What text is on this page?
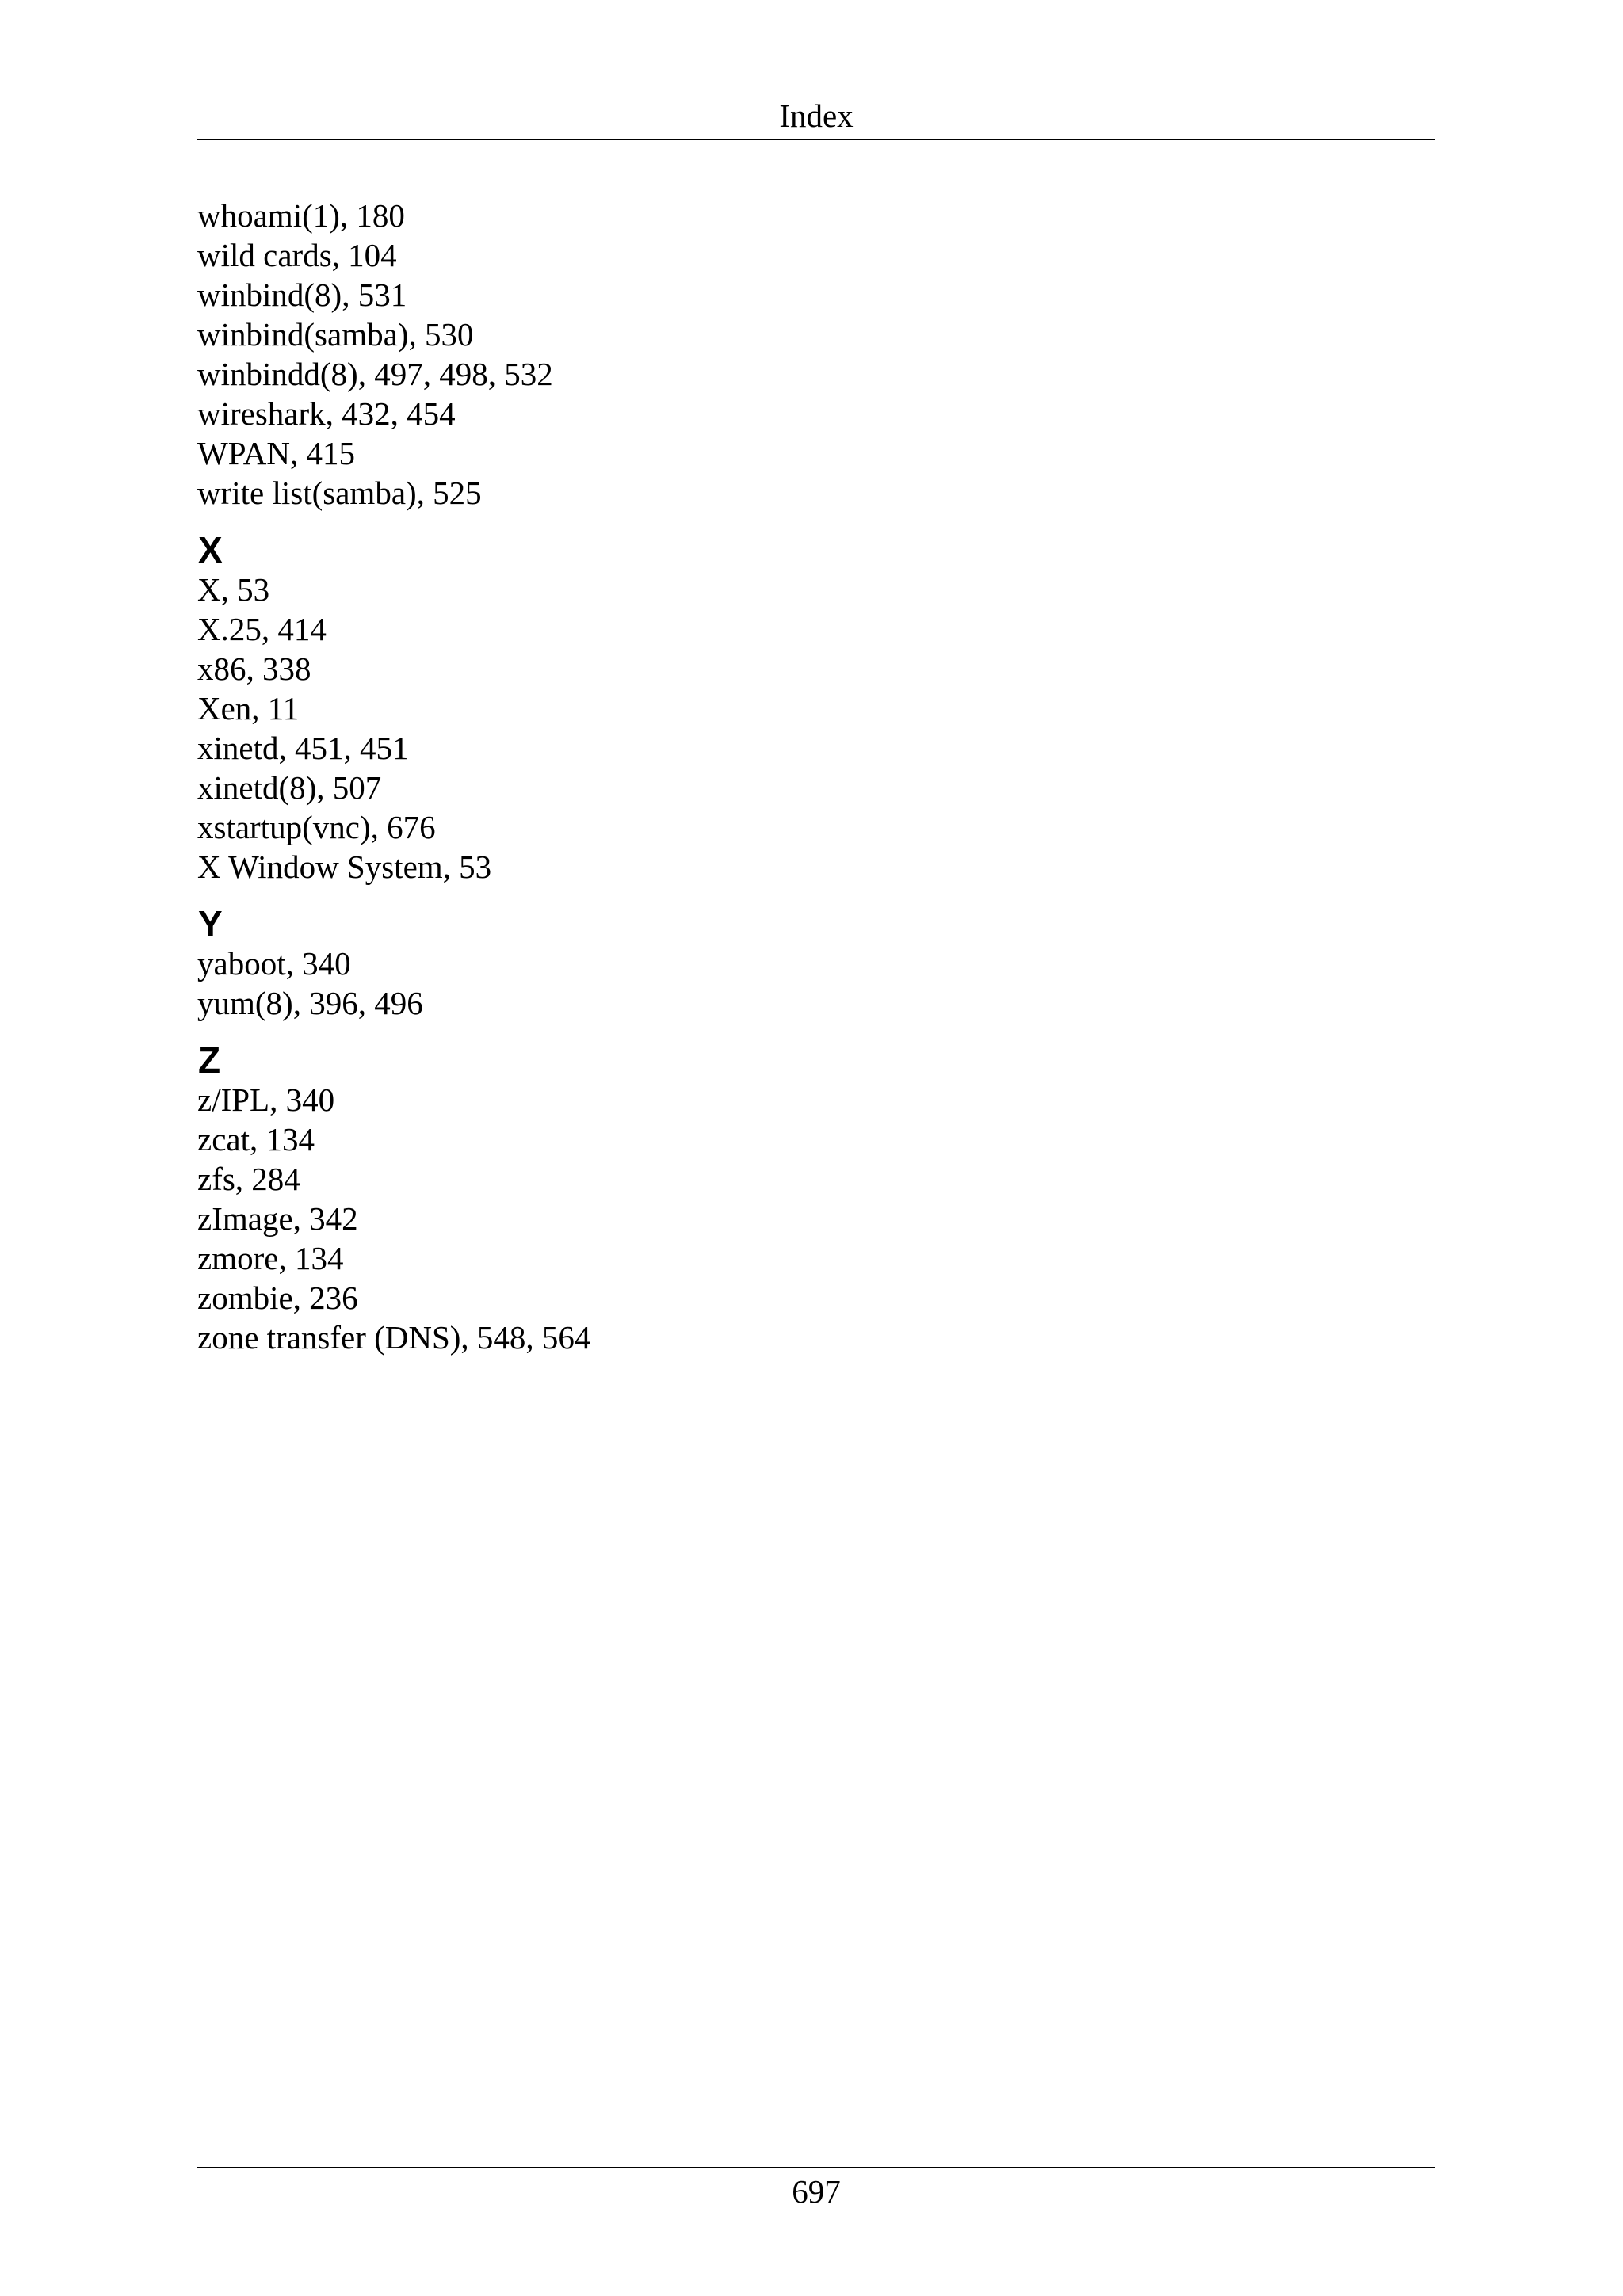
Index
whoami(1), 180
wild cards, 104
winbind(8), 531
winbind(samba), 530
winbindd(8), 497, 498, 532
wireshark, 432, 454
WPAN, 415
write list(samba), 525
X
X, 53
X.25, 414
x86, 338
Xen, 11
xinetd, 451, 451
xinetd(8), 507
xstartup(vnc), 676
X Window System, 53
Y
yaboot, 340
yum(8), 396, 496
Z
z/IPL, 340
zcat, 134
zfs, 284
zImage, 342
zmore, 134
zombie, 236
zone transfer (DNS), 548, 564
697
